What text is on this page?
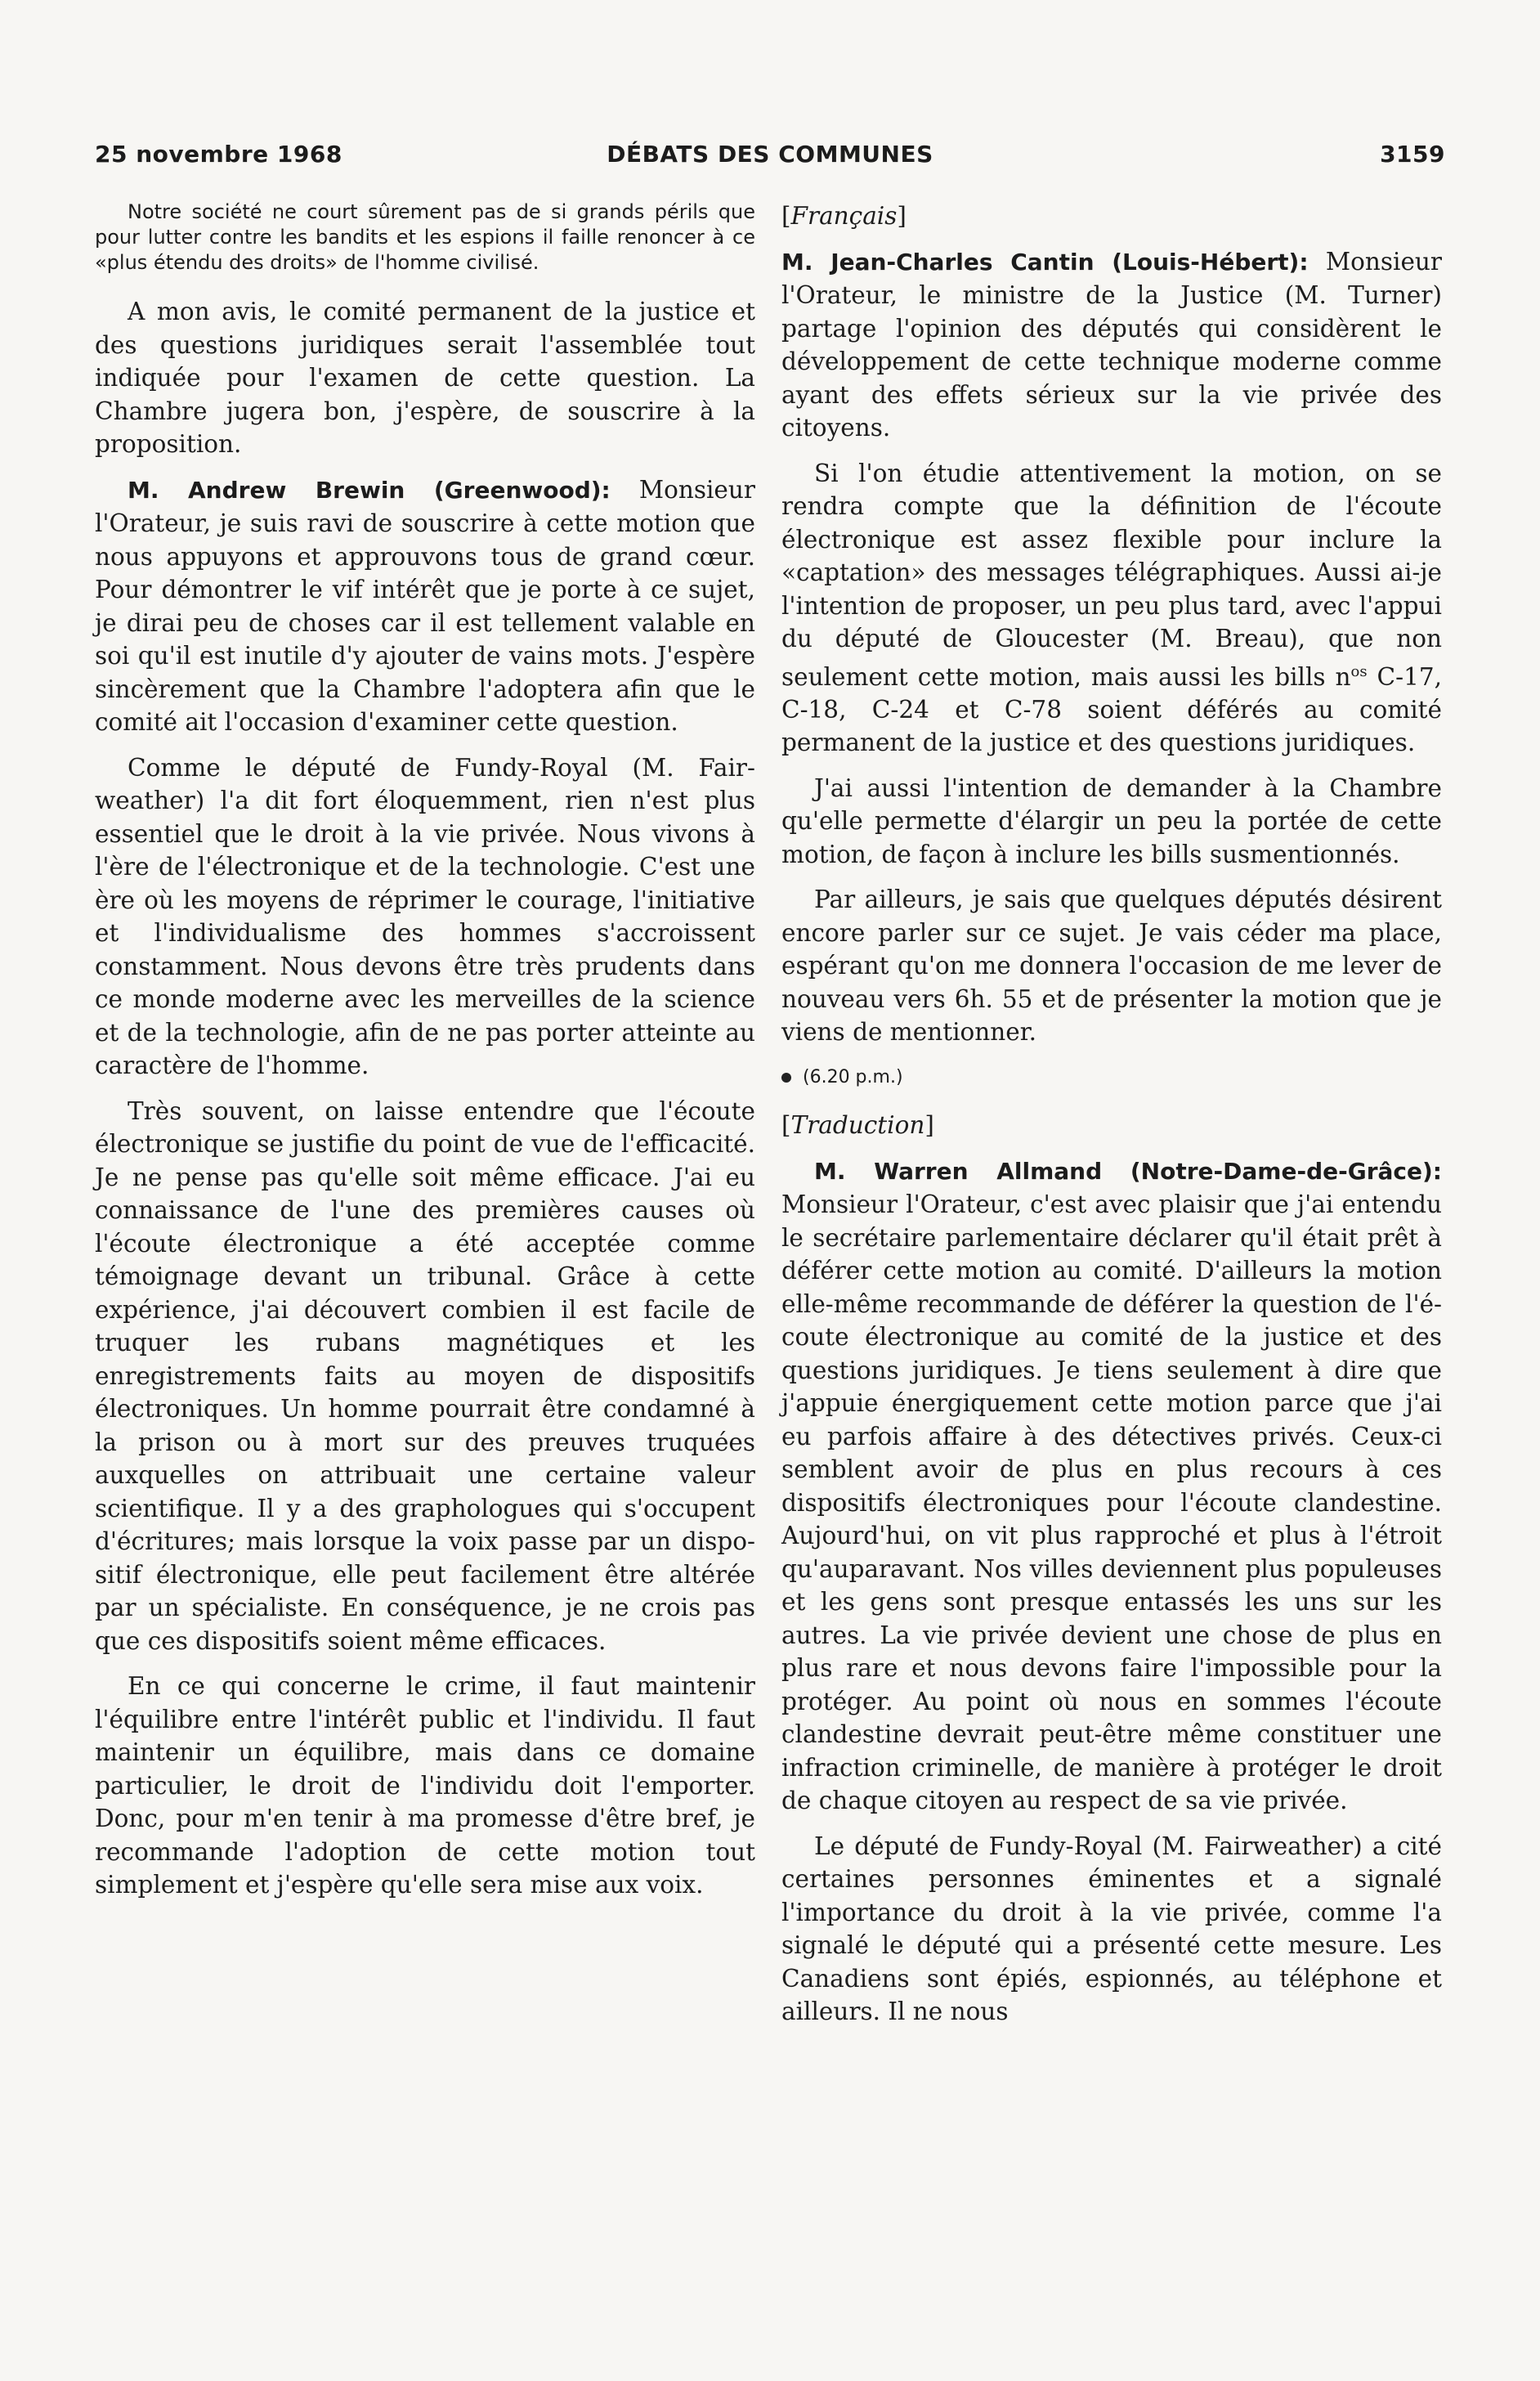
25 novembre 1968	DÉBATS DES COMMUNES	3159

Notre société ne court sûrement pas de si grands périls que pour lutter contre les bandits et les espions il faille renoncer à ce «plus étendu des droits» de l'homme civilisé.

A mon avis, le comité permanent de la justice et des questions juridiques serait l'assemblée tout indiquée pour l'examen de cette question. La Chambre jugera bon, j'espère, de souscrire à la proposition.

M. Andrew Brewin (Greenwood): Monsieur l'Orateur, je suis ravi de souscrire à cette motion que nous appuyons et approuvons tous de grand cœur. Pour démontrer le vif intérêt que je porte à ce sujet, je dirai peu de choses car il est tellement valable en soi qu'il est inutile d'y ajouter de vains mots. J'espère sincèrement que la Chambre l'adoptera afin que le comité ait l'occasion d'examiner cette question.

Comme le député de Fundy-Royal (M. Fairweather) l'a dit fort éloquemment, rien n'est plus essentiel que le droit à la vie privée. Nous vivons à l'ère de l'électronique et de la technologie. C'est une ère où les moyens de réprimer le courage, l'initiative et l'individualisme des hommes s'accroissent constamment. Nous devons être très prudents dans ce monde moderne avec les merveilles de la science et de la technologie, afin de ne pas porter atteinte au caractère de l'homme.

Très souvent, on laisse entendre que l'écoute électronique se justifie du point de vue de l'efficacité. Je ne pense pas qu'elle soit même efficace. J'ai eu connaissance de l'une des premières causes où l'écoute électronique a été acceptée comme témoignage devant un tribunal. Grâce à cette expérience, j'ai découvert combien il est facile de truquer les rubans magnétiques et les enregistrements faits au moyen de dispositifs électroniques. Un homme pourrait être condamné à la prison ou à mort sur des preuves truquées auxquelles on attribuait une certaine valeur scientifique. Il y a des graphologues qui s'occupent d'écritures; mais lorsque la voix passe par un dispositif électronique, elle peut facilement être altérée par un spécialiste. En conséquence, je ne crois pas que ces dispositifs soient même efficaces.

En ce qui concerne le crime, il faut maintenir l'équilibre entre l'intérêt public et l'individu. Il faut maintenir un équilibre, mais dans ce domaine particulier, le droit de l'individu doit l'emporter. Donc, pour m'en tenir à ma promesse d'être bref, je recommande l'adoption de cette motion tout simplement et j'espère qu'elle sera mise aux voix.

[Français]

M. Jean-Charles Cantin (Louis-Hébert): Monsieur l'Orateur, le ministre de la Justice (M. Turner) partage l'opinion des députés qui considèrent le développement de cette technique moderne comme ayant des effets sérieux sur la vie privée des citoyens.

Si l'on étudie attentivement la motion, on se rendra compte que la définition de l'écoute électronique est assez flexible pour inclure la «captation» des messages télégraphiques. Aussi ai-je l'intention de proposer, un peu plus tard, avec l'appui du député de Gloucester (M. Breau), que non seulement cette motion, mais aussi les bills $n^{os}$ C-17, C-18, C-24 et C-78 soient déférés au comité permanent de la justice et des questions juridiques.

J'ai aussi l'intention de demander à la Chambre qu'elle permette d'élargir un peu la portée de cette motion, de façon à inclure les bills susmentionnés.

Par ailleurs, je sais que quelques députés désirent encore parler sur ce sujet. Je vais céder ma place, espérant qu'on me donnera l'occasion de me lever de nouveau vers 6h. 55 et de présenter la motion que je viens de mentionner.

(6.20 p.m.)

[Traduction]

M. Warren Allmand (Notre-Dame-de-Grâce): Monsieur l'Orateur, c'est avec plaisir que j'ai entendu le secrétaire parlementaire déclarer qu'il était prêt à déférer cette motion au comité. D'ailleurs la motion elle-même recommande de déférer la question de l'écoute électronique au comité de la justice et des questions juridiques. Je tiens seulement à dire que j'appuie énergiquement cette motion parce que j'ai eu parfois affaire à des détectives privés. Ceux-ci semblent avoir de plus en plus recours à ces dispositifs électroniques pour l'écoute clandestine. Aujourd'hui, on vit plus rapproché et plus à l'étroit qu'auparavant. Nos villes deviennent plus populeuses et les gens sont presque entassés les uns sur les autres. La vie privée devient une chose de plus en plus rare et nous devons faire l'impossible pour la protéger. Au point où nous en sommes l'écoute clandestine devrait peut-être même constituer une infraction criminelle, de manière à protéger le droit de chaque citoyen au respect de sa vie privée.

Le député de Fundy-Royal (M. Fairweather) a cité certaines personnes éminentes et a signalé l'importance du droit à la vie privée, comme l'a signalé le député qui a présenté cette mesure. Les Canadiens sont épiés, espionnés, au téléphone et ailleurs. Il ne nous
